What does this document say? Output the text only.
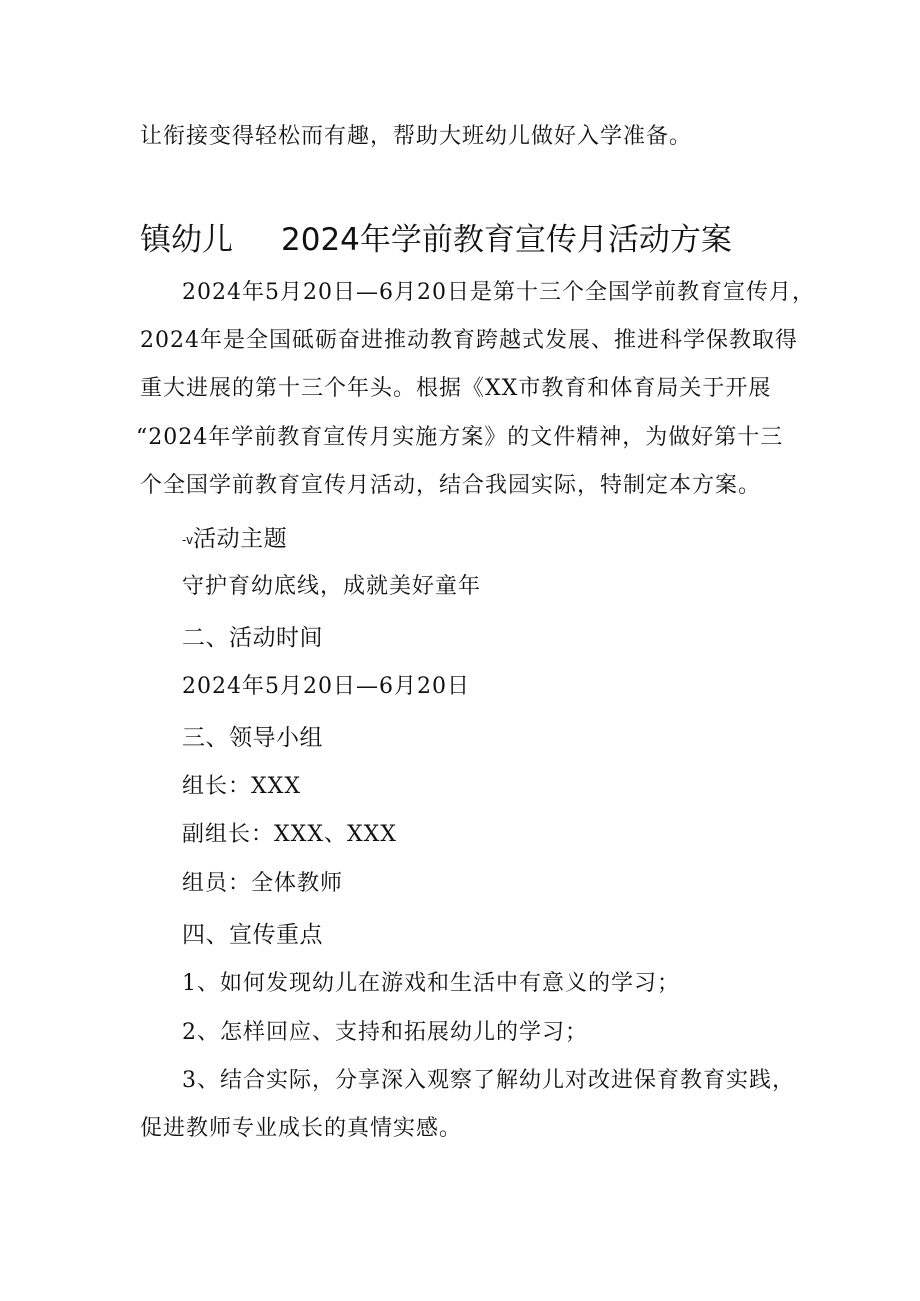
让衔接变得轻松而有趣，帮助大班幼儿做好入学准备。
镇幼儿 2024年学前教育宣传月活动方案
2024年5月20日—6月20日是第十三个全国学前教育宣传月，
2024年是全国砥砺奋进推动教育跨越式发展、推进科学保教取得
重大进展的第十三个年头。根据《XX市教育和体育局关于开展
“2024年学前教育宣传月实施方案》的文件精神，为做好第十三
个全国学前教育宣传月活动，结合我园实际，特制定本方案。
-v活动主题
守护育幼底线，成就美好童年
二、活动时间
2024年5月20日—6月20日
三、领导小组
组长：XXX
副组长：XXX、XXX
组员：全体教师
四、宣传重点
1、如何发现幼儿在游戏和生活中有意义的学习；
2、怎样回应、支持和拓展幼儿的学习；
3、结合实际，分享深入观察了解幼儿对改进保育教育实践，
促进教师专业成长的真情实感。
